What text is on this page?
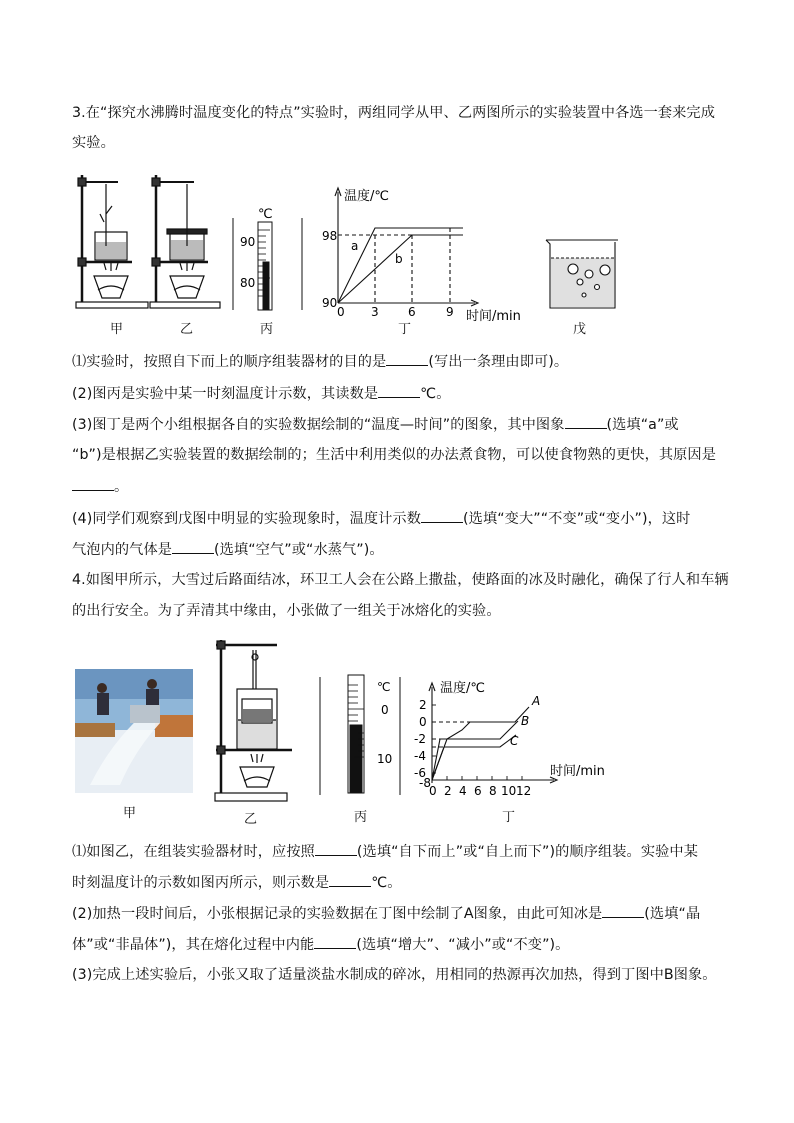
3.在“探究水沸腾时温度变化的特点”实验时，两组同学从甲、乙两图所示的实验装置中各选一套来完成
实验。
℃
90
80
温度/℃
时间/min
98
90
0 3 6	9
a
b
甲	乙	丙	丁	戊
⑴实验时，按照自下而上的顺序组装器材的目的是	(写出一条理由即可)。
(2)图丙是实验中某一时刻温度计示数，其读数是	℃。
(3)图丁是两个小组根据各自的实验数据绘制的“温度—时间”的图象，其中图象	(选填“a”或
“b”)是根据乙实验装置的数据绘制的；生活中利用类似的办法煮食物，可以使食物熟的更快，其原因是
。
(4)同学们观察到戊图中明显的实验现象时，温度计示数	(选填“变大”“不变”或“变小”)，这时
气泡内的气体是	(选填“空气”或“水蒸气”)。
4.如图甲所示，大雪过后路面结冰，环卫工人会在公路上撒盐，使路面的冰及时融化，确保了行人和车辆
的出行安全。为了弄清其中缘由，小张做了一组关于冰熔化的实验。
℃
0
10
温度/℃
时间/min
2
0
-2
-4
-6
-8
0 2 4 6 8 10 12
A
B
C
甲	乙	丙	丁
⑴如图乙，在组装实验器材时，应按照	(选填“自下而上”或“自上而下”)的顺序组装。实验中某
时刻温度计的示数如图丙所示，则示数是	℃。
(2)加热一段时间后，小张根据记录的实验数据在丁图中绘制了A图象，由此可知冰是	(选填“晶
体”或“非晶体”)，其在熔化过程中内能	(选填“增大”、“减小”或“不变”)。
(3)完成上述实验后，小张又取了适量淡盐水制成的碎冰，用相同的热源再次加热，得到丁图中B图象。
